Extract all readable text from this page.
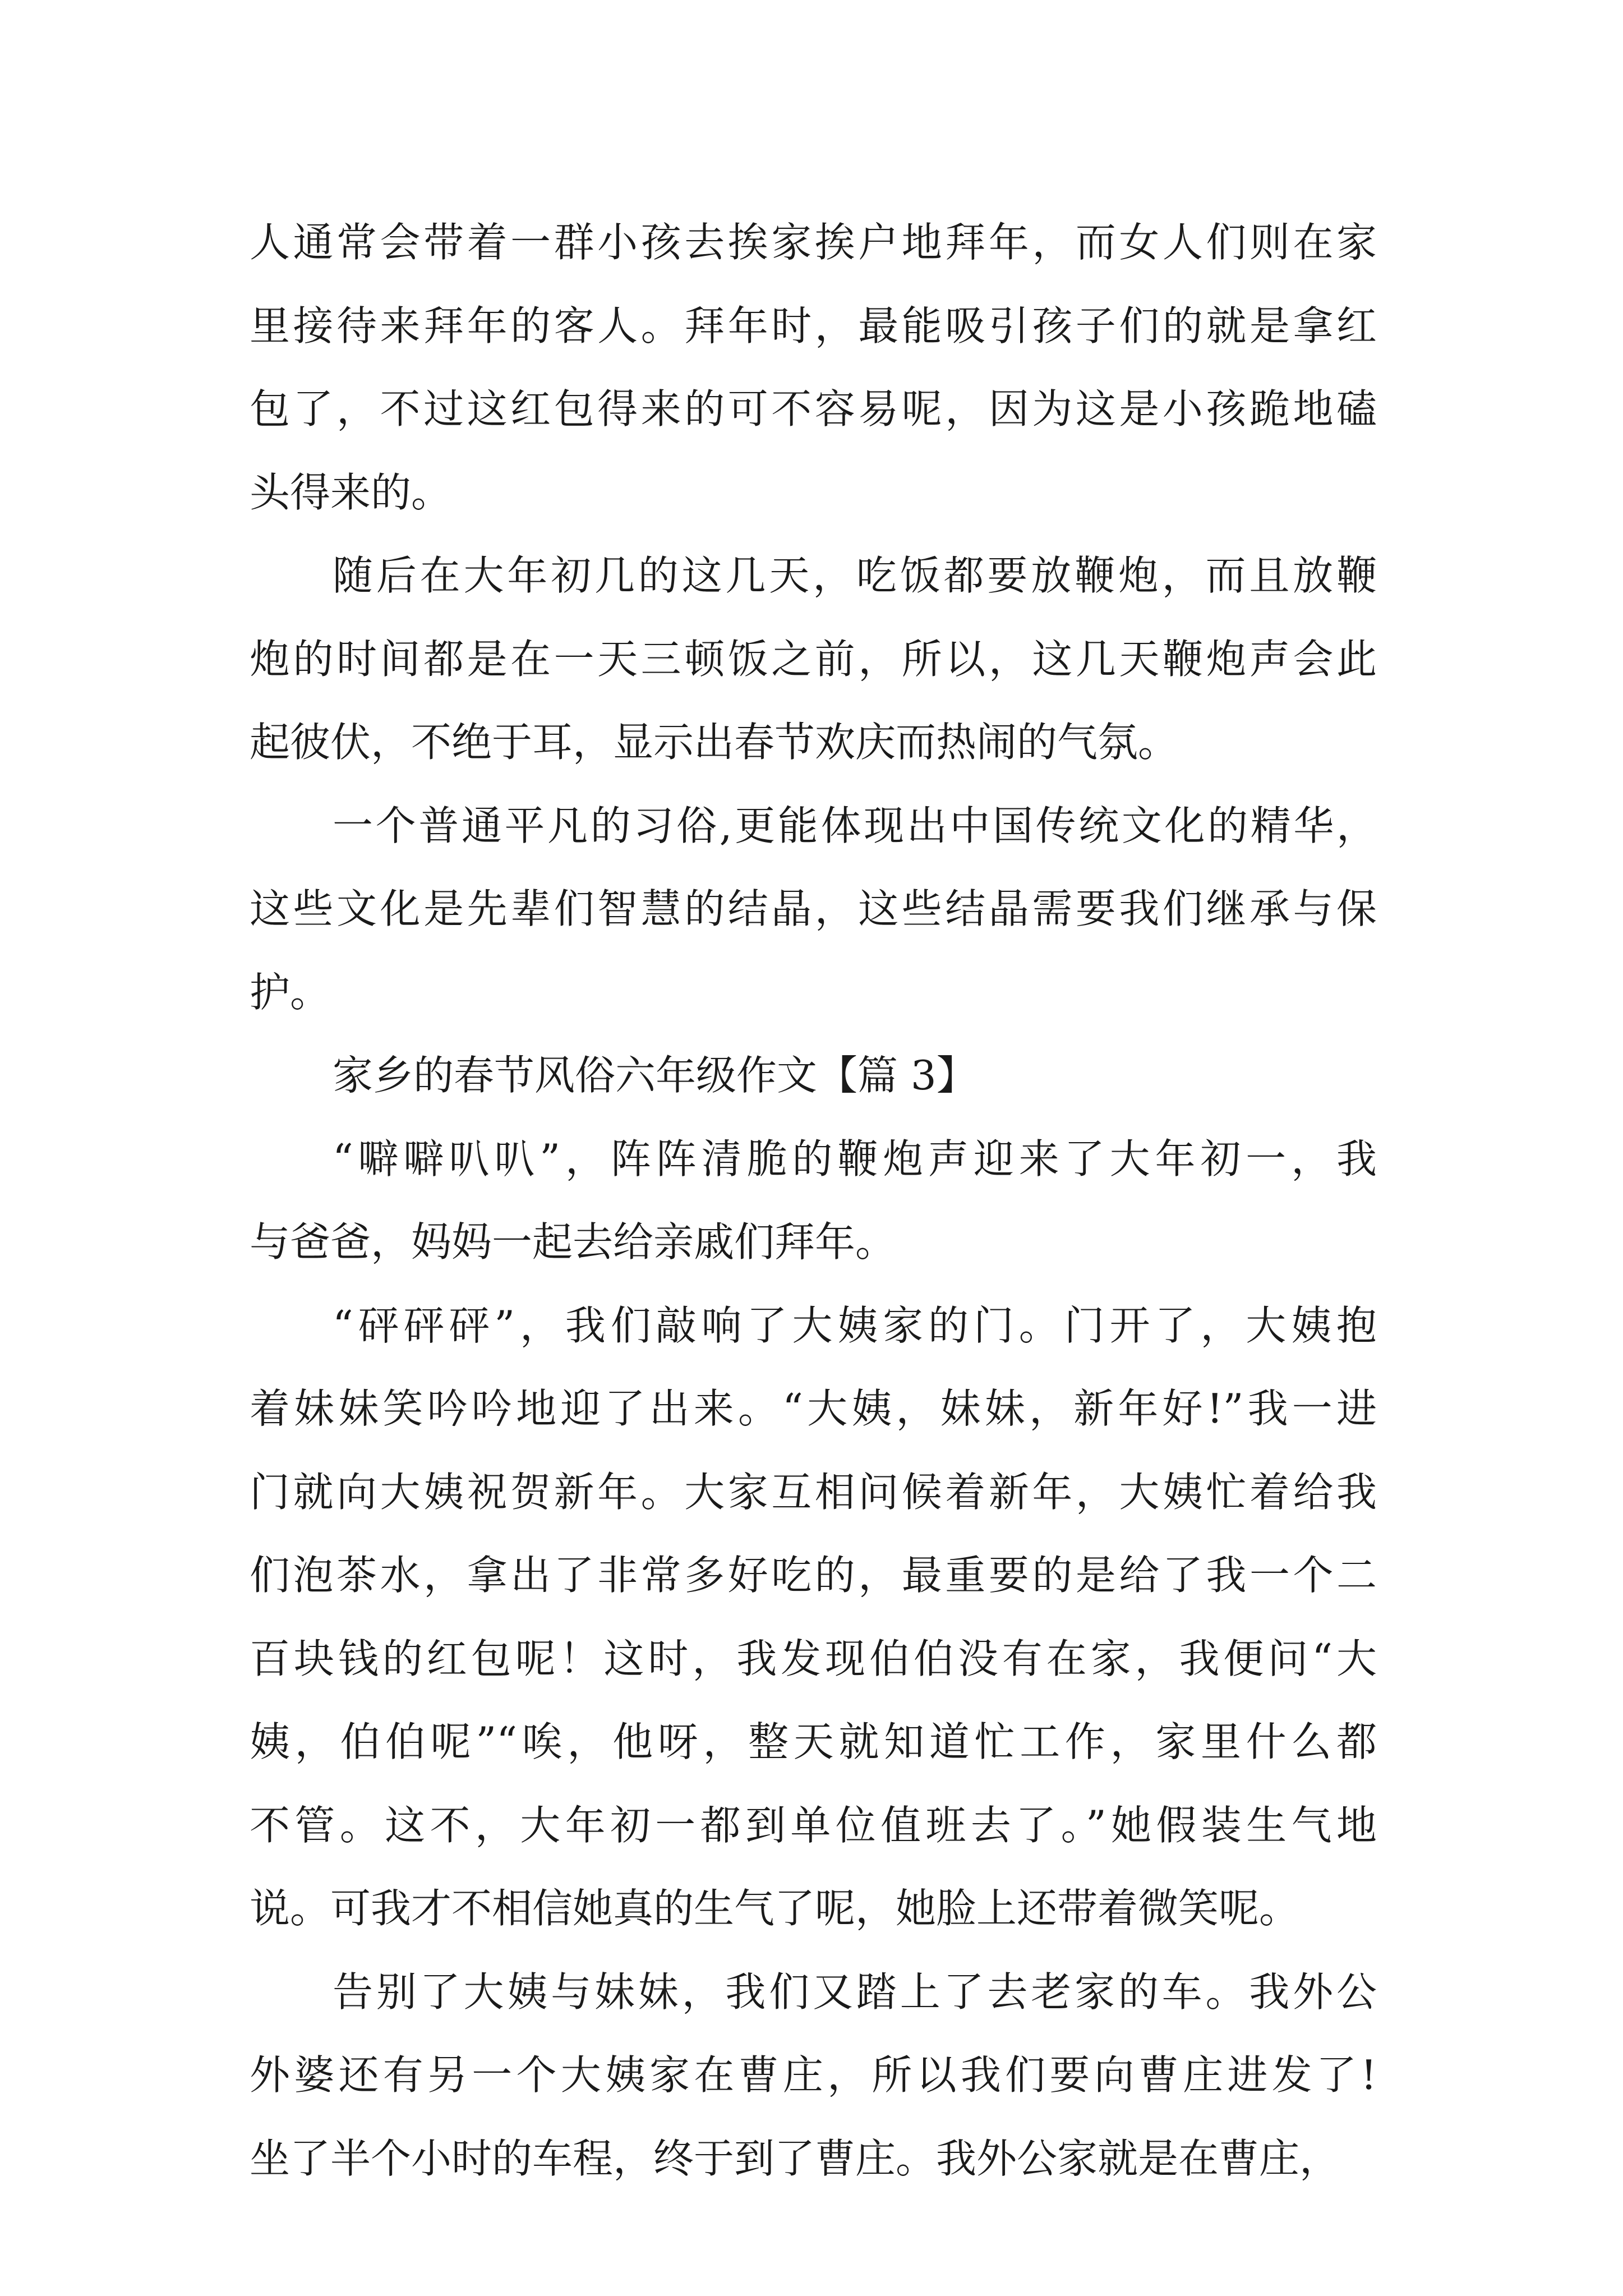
人通常会带着一群小孩去挨家挨户地拜年，而女人们则在家
里接待来拜年的客人。拜年时，最能吸引孩子们的就是拿红
包了，不过这红包得来的可不容易呢，因为这是小孩跪地磕
头得来的。
随后在大年初几的这几天，吃饭都要放鞭炮，而且放鞭
炮的时间都是在一天三顿饭之前，所以，这几天鞭炮声会此
起彼伏，不绝于耳，显示出春节欢庆而热闹的气氛。
一个普通平凡的习俗,更能体现出中国传统文化的精华，
这些文化是先辈们智慧的结晶，这些结晶需要我们继承与保
护。
家乡的春节风俗六年级作文【篇 3】
“噼噼叭叭”，阵阵清脆的鞭炮声迎来了大年初一，我
与爸爸，妈妈一起去给亲戚们拜年。
“砰砰砰”，我们敲响了大姨家的门。门开了，大姨抱
着妹妹笑吟吟地迎了出来。“大姨，妹妹，新年好!”我一进
门就向大姨祝贺新年。大家互相问候着新年，大姨忙着给我
们泡茶水，拿出了非常多好吃的，最重要的是给了我一个二
百块钱的红包呢！这时，我发现伯伯没有在家，我便问“大
姨，伯伯呢”“唉，他呀，整天就知道忙工作，家里什么都
不管。这不，大年初一都到单位值班去了。”她假装生气地
说。可我才不相信她真的生气了呢，她脸上还带着微笑呢。
告别了大姨与妹妹，我们又踏上了去老家的车。我外公
外婆还有另一个大姨家在曹庄，所以我们要向曹庄进发了!
坐了半个小时的车程，终于到了曹庄。我外公家就是在曹庄，
